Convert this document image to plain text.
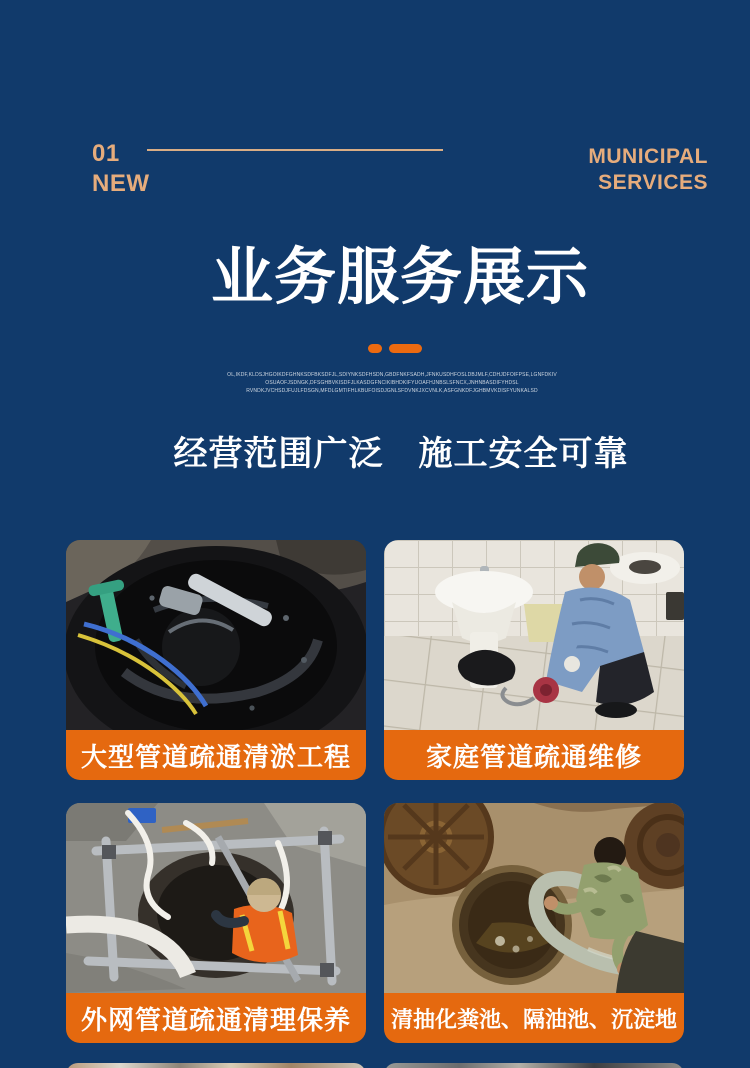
01
NEW
MUNICIPAL
SERVICES
业务服务展示
OL,IKDF,KLDSJHGOIKDFGHNKSDFBKSDFJL,SDIYNKSDFHSDN,GBDFNKFSADH,JFNKUSDHFOSLDBJMLF,CDHJDFOIFPSE,LGNFDKIV
OSUAOFJSDNGK,DFSGHBVKISDFJLKASDGFNCIKIBHDKIFYUOAFHJNBSLSFNCX,JNHNBASDIFYHDSL
RVNDKJVCHSDJFUJLFDSGN,MFDLGMTIFHLKBUFOISDJGNLSFDVNKJXCVNLK,ASFGNKDFJGHBMVKDISFYUNKALSD
经营范围广泛　施工安全可靠
大型管道疏通清淤工程	家庭管道疏通维修
外网管道疏通清理保养	清抽化粪池、隔油池、沉淀地
